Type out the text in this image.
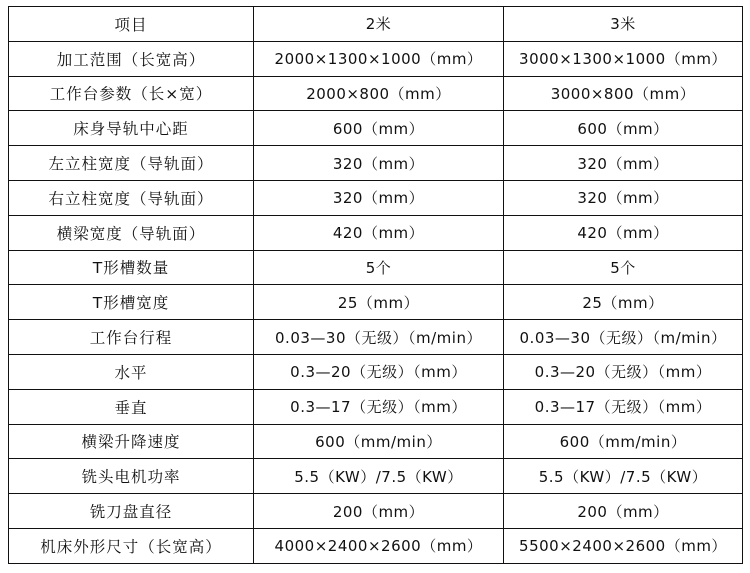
项目	2米	3米
加工范围（长宽高）	2000×1300×1000（mm）	3000×1300×1000（mm）
工作台参数（长×宽）	2000×800（mm）	3000×800（mm）
床身导轨中心距	600（mm）	600（mm）
左立柱宽度（导轨面）	320（mm）	320（mm）
右立柱宽度（导轨面）	320（mm）	320（mm）
横梁宽度（导轨面）	420（mm）	420（mm）
T形槽数量	5个	5个
T形槽宽度	25（mm）	25（mm）
工作台行程	0.03—30（无级）（m/min）	0.03—30（无级）（m/min）
水平	0.3—20（无级）（mm）	0.3—20（无级）（mm）
垂直	0.3—17（无级）（mm）	0.3—17（无级）（mm）
横梁升降速度	600（mm/min）	600（mm/min）
铣头电机功率	5.5（KW）/7.5（KW）	5.5（KW）/7.5（KW）
铣刀盘直径	200（mm）	200（mm）
机床外形尺寸（长宽高）	4000×2400×2600（mm）	5500×2400×2600（mm）
